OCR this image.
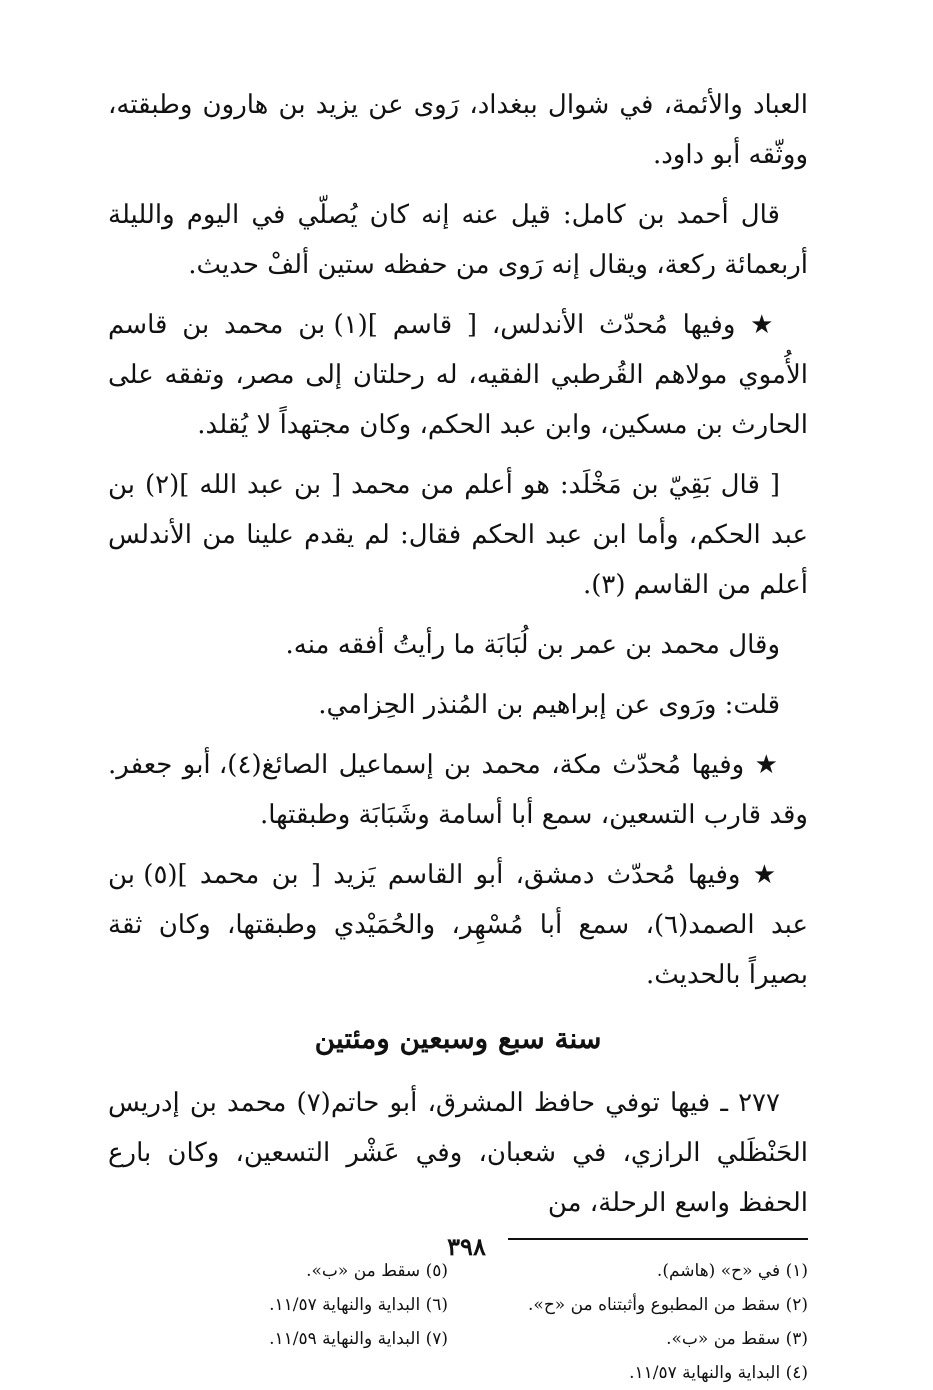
العباد والأئمة، في شوال ببغداد، رَوى عن يزيد بن هارون وطبقته، ووثّقه أبو داود.

قال أحمد بن كامل: قيل عنه إنه كان يُصلّي في اليوم والليلة أربعمائة ركعة، ويقال إنه رَوى من حفظه ستين ألفْ حديث.

★ وفيها مُحدّث الأندلس، [ قاسم ](١) بن محمد بن قاسم الأُموي مولاهم القُرطبي الفقيه، له رحلتان إلى مصر، وتفقه على الحارث بن مسكين، وابن عبد الحكم، وكان مجتهداً لا يُقلد.

[ قال بَقِيّ بن مَخْلَد: هو أعلم من محمد [ بن عبد الله ](٢) بن عبد الحكم، وأما ابن عبد الحكم فقال: لم يقدم علينا من الأندلس أعلم من القاسم (٣).

وقال محمد بن عمر بن لُبَابَة ما رأيتُ أفقه منه.

قلت: ورَوى عن إبراهيم بن المُنذر الحِزامي.

★ وفيها مُحدّث مكة، محمد بن إسماعيل الصائغ(٤)، أبو جعفر. وقد قارب التسعين، سمع أبا أسامة وشَبَابَة وطبقتها.

★ وفيها مُحدّث دمشق، أبو القاسم يَزيد [ بن محمد ](٥) بن عبد الصمد(٦)، سمع أبا مُسْهِر، والحُمَيْدي وطبقتها، وكان ثقة بصيراً بالحديث.

سنة سبع وسبعين ومئتين

٢٧٧ ـ فيها توفي حافظ المشرق، أبو حاتم(٧) محمد بن إدريس الحَنْظَلي الرازي، في شعبان، وفي عَشْر التسعين، وكان بارع الحفظ واسع الرحلة، من

(١) في «ح» (هاشم).
(٥) سقط من «ب».
(٢) سقط من المطبوع وأثبتناه من «ح».
(٦) البداية والنهاية ١١/٥٧.
(٣) سقط من «ب».
(٧) البداية والنهاية ١١/٥٩.
(٤) البداية والنهاية ١١/٥٧.
٣٩٨
